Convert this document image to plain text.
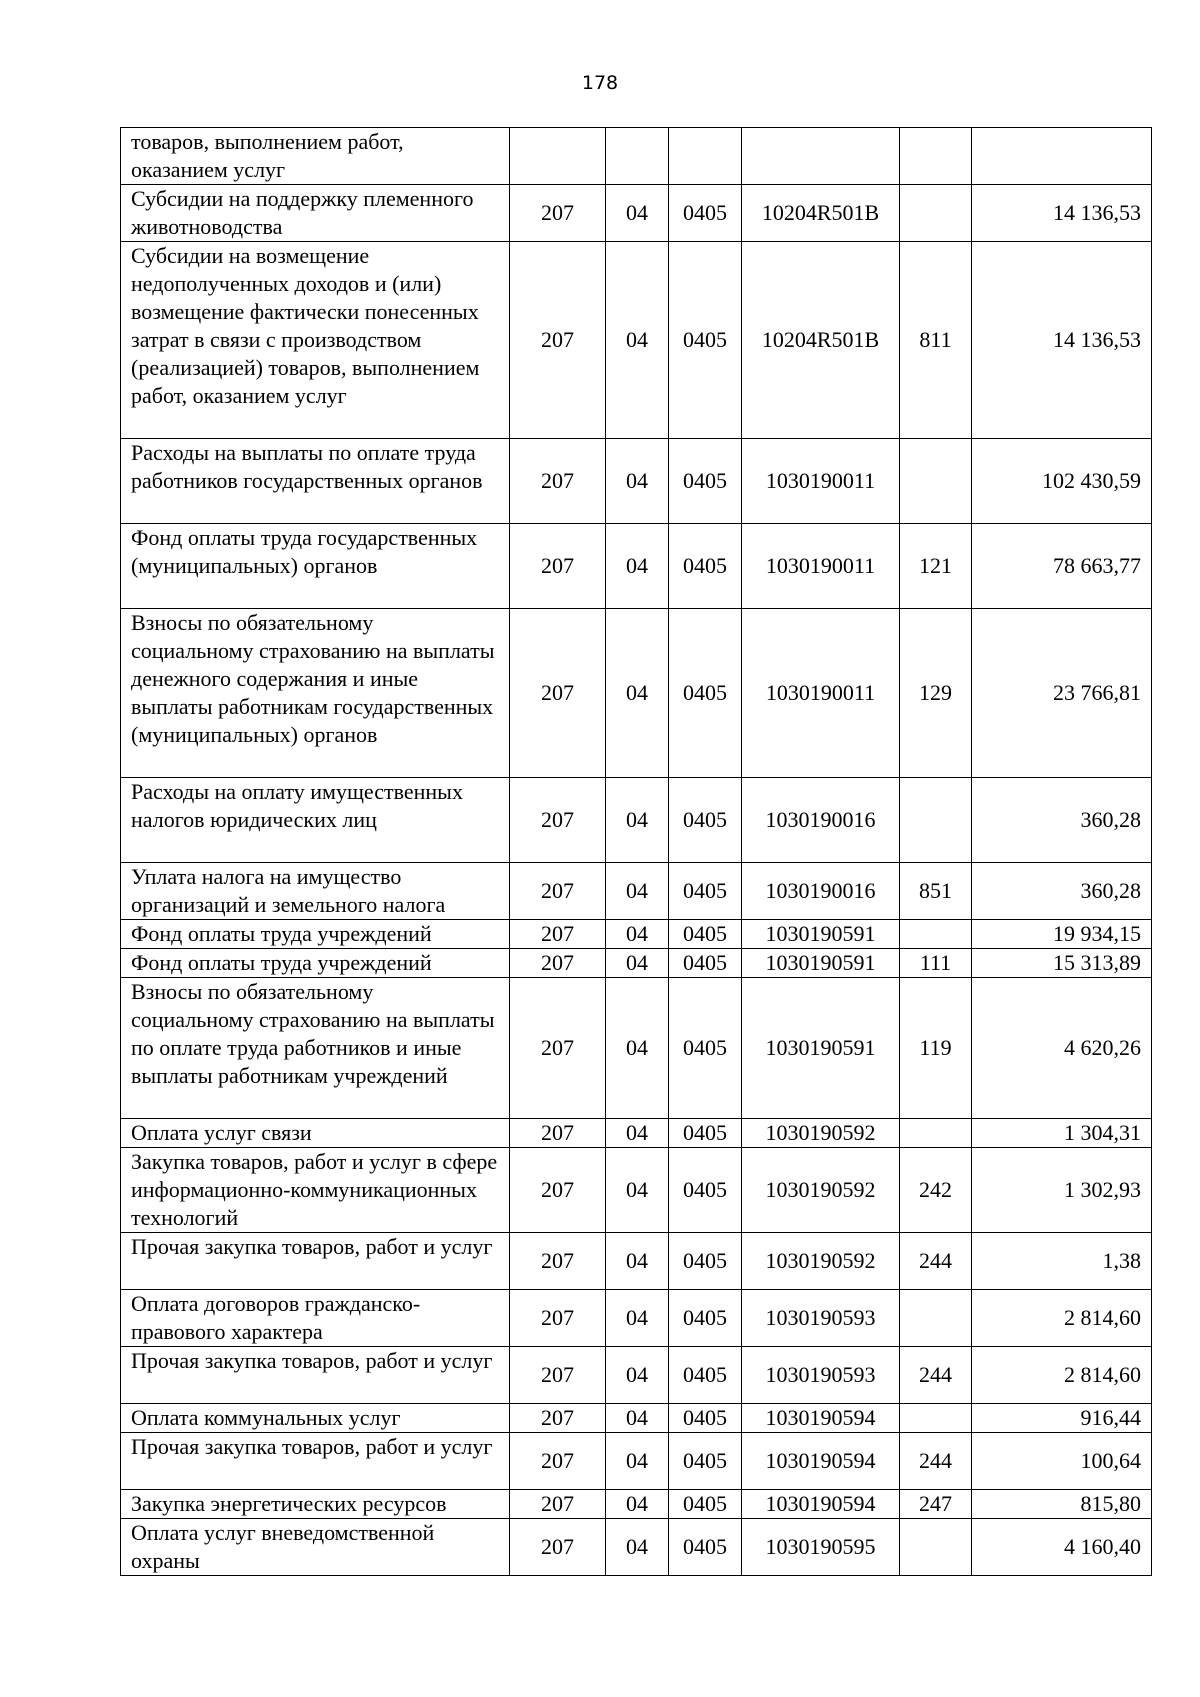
178
товаров, выполнением работ, оказанием услуг						
Субсидии на поддержку племенного животноводства	207	04	0405	10204R501B		14 136,53
Субсидии на возмещение недополученных доходов и (или) возмещение фактически понесенных затрат в связи с производством (реализацией) товаров, выполнением работ, оказанием услуг	207	04	0405	10204R501B	811	14 136,53
Расходы на выплаты по оплате труда работников государственных органов	207	04	0405	1030190011		102 430,59
Фонд оплаты труда государственных (муниципальных) органов	207	04	0405	1030190011	121	78 663,77
Взносы по обязательному социальному страхованию на выплаты денежного содержания и иные выплаты работникам государственных (муниципальных) органов	207	04	0405	1030190011	129	23 766,81
Расходы на оплату имущественных налогов юридических лиц	207	04	0405	1030190016		360,28
Уплата налога на имущество организаций и земельного налога	207	04	0405	1030190016	851	360,28
Фонд оплаты труда учреждений	207	04	0405	1030190591		19 934,15
Фонд оплаты труда учреждений	207	04	0405	1030190591	111	15 313,89
Взносы по обязательному социальному страхованию на выплаты по оплате труда работников и иные выплаты работникам учреждений	207	04	0405	1030190591	119	4 620,26
Оплата услуг связи	207	04	0405	1030190592		1 304,31
Закупка товаров, работ и услуг в сфере информационно-коммуникационных технологий	207	04	0405	1030190592	242	1 302,93
Прочая закупка товаров, работ и услуг	207	04	0405	1030190592	244	1,38
Оплата договоров гражданско-правового характера	207	04	0405	1030190593		2 814,60
Прочая закупка товаров, работ и услуг	207	04	0405	1030190593	244	2 814,60
Оплата коммунальных услуг	207	04	0405	1030190594		916,44
Прочая закупка товаров, работ и услуг	207	04	0405	1030190594	244	100,64
Закупка энергетических ресурсов	207	04	0405	1030190594	247	815,80
Оплата услуг вневедомственной охраны	207	04	0405	1030190595		4 160,40
